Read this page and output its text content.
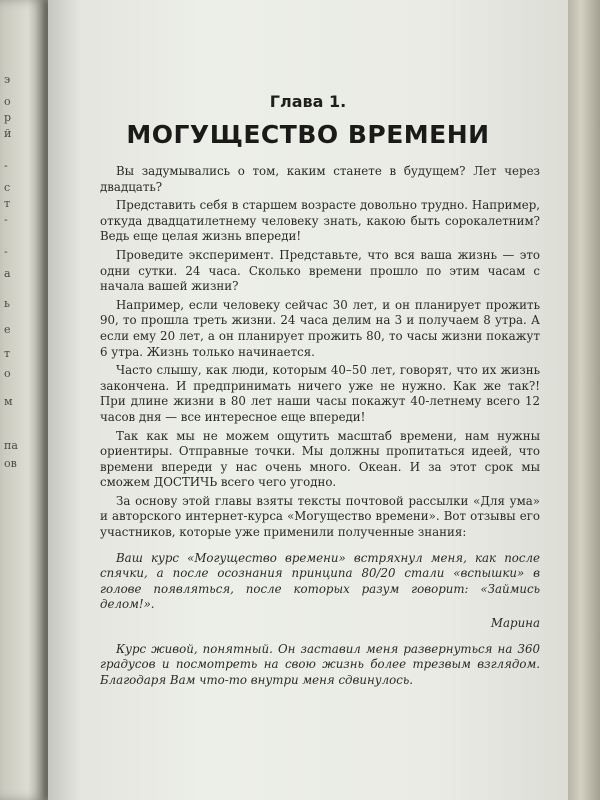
э
о
р
й
-
с
т
-
-
а
ь
е
т
о
м
па
ов
Глава 1.
МОГУЩЕСТВО ВРЕМЕНИ

Вы задумывались о том, каким станете в будущем? Лет через двадцать?

Представить себя в старшем возрасте довольно трудно. Например, откуда двадцатилетнему человеку знать, какою быть сорокалетним? Ведь еще целая жизнь впереди!

Проведите эксперимент. Представьте, что вся ваша жизнь — это одни сутки. 24 часа. Сколько времени прошло по этим часам с начала вашей жизни?

Например, если человеку сейчас 30 лет, и он планирует прожить 90, то прошла треть жизни. 24 часа делим на 3 и получаем 8 утра. А если ему 20 лет, а он планирует прожить 80, то часы жизни покажут 6 утра. Жизнь только начинается.

Часто слышу, как люди, которым 40–50 лет, говорят, что их жизнь закончена. И предпринимать ничего уже не нужно. Как же так?! При длине жизни в 80 лет наши часы покажут 40-летнему всего 12 часов дня — все интересное еще впереди!

Так как мы не можем ощутить масштаб времени, нам нужны ориентиры. Отправные точки. Мы должны пропитаться идеей, что времени впереди у нас очень много. Океан. И за этот срок мы сможем ДОСТИЧЬ всего чего угодно.

За основу этой главы взяты тексты почтовой рассылки «Для ума» и авторского интернет-курса «Могущество времени». Вот отзывы его участников, которые уже применили полученные знания:

Ваш курс «Могущество времени» встряхнул меня, как после спячки, а после осознания принципа 80/20 стали «вспышки» в голове появляться, после которых разум говорит: «Займись делом!».

Марина

Курс живой, понятный. Он заставил меня развернуться на 360 градусов и посмотреть на свою жизнь более трезвым взглядом. Благодаря Вам что-то внутри меня сдвинулось.
